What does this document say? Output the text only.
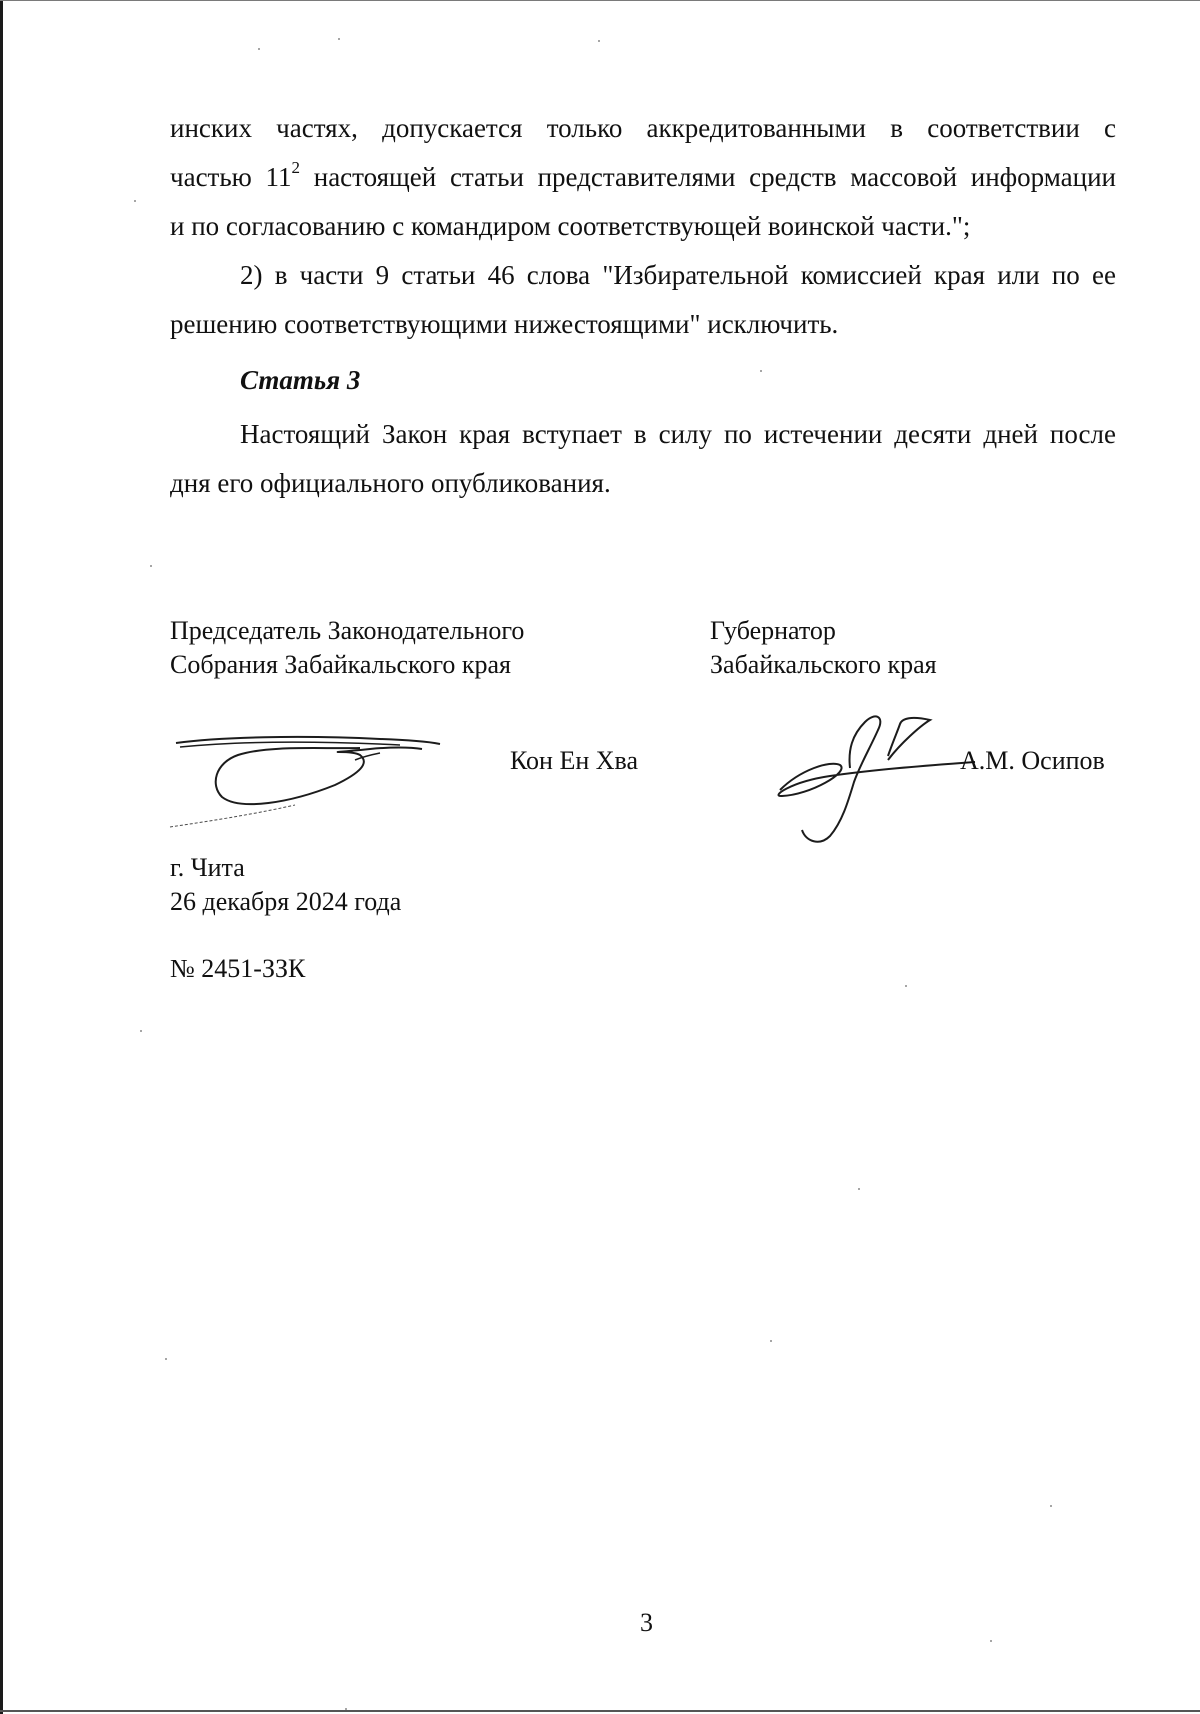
инских частях, допускается только аккредитованными в соответствии с
частью $11^2$ настоящей статьи представителями средств массовой информации
и по согласованию с командиром соответствующей воинской части.";
2) в части 9 статьи 46 слова "Избирательной комиссией края или по ее
решению соответствующими нижестоящими" исключить.
Статья 3
Настоящий Закон края вступает в силу по истечении десяти дней после
дня его официального опубликования.
Председатель Законодательного
Собрания Забайкальского края
Губернатор
Забайкальского края
Кон Ен Хва	А.М. Осипов
г. Чита
26 декабря 2024 года
№ 2451-ЗЗК
3
